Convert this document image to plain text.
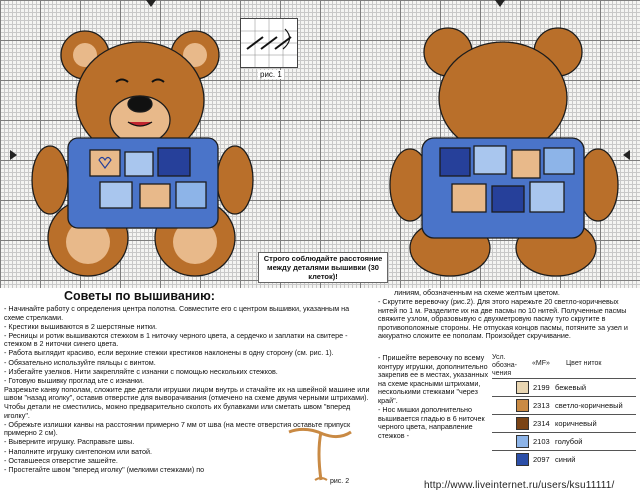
рис. 1
Строго соблюдайте расстояние между деталями вышивки (30 клеток)!
Советы по вышиванию:
- Начинайте работу с определения центра полотна. Совместите его с центром вышивки, указанным на схеме стрелками.
- Крестики вышиваются в 2 шерстяные нитки.
- Ресницы и ротик вышиваются стежком в 1 ниточку черного цвета, а сердечко и заплатки на свитере - стежком в 2 ниточки синего цвета.
- Работа выглядит красиво, если верхние стежки крестиков наклонены в одну сторону (см. рис. 1).
- Обязательно используйте пяльцы с винтом.
- Избегайте узелков. Нити закрепляйте с изнанки с помощью нескольких стежков.
- Готовую вышивку проглад ьте с изнанки.
Разрежьте канву пополам, сложите две детали игрушки лицом внутрь и стачайте их на швейной машине или швом "назад иголку", оставив отверстие для выворачивания (отмечено на схеме двумя черными штрихами). Чтобы детали не сместились, можно предварительно сколоть их булавками или сметать швом "вперед иголку".
- Обрежьте излишки канвы на расстоянии примерно 7 мм от шва (на месте отверстия оставьте припуск примерно 2 см).
- Выверните игрушку. Расправьте швы.
- Наполните игрушку синтепоном или ватой.
- Оставшееся отверстие зашейте.
- Простегайте швом "вперед иголку" (мелкими стежками) по
линиям, обозначенным на схеме желтым цветом.
- Скрутите веревочку (рис.2). Для этого нарежьте 20 светло-коричневых нитей по 1 м. Разделите их на две пасмы по 10 нитей. Полученные пасмы свяжите узлом, образовывую с двухметровую пасму туго скрутите в противоположные стороны. Не отпуская концов пасмы, потяните за узел и аккуратно сложите ее пополам. Произойдет скручивание.
- Пришейте веревочку по всему контуру игрушки, дополнительно закрепив ее в местах, указанных на схеме красными штрихами, несколькими стежками "через край".
- Нос мишки дополнительно вышивается гладью в 6 ниточек черного цвета, направление стежков -
Усл. обозна-чения
«MF»	Цвет ниток
2199 бежевый
2313 светло-коричневый
2314 коричневый
2103 голубой
2097 синий
рис. 2	http://www.liveinternet.ru/users/ksu11111/
